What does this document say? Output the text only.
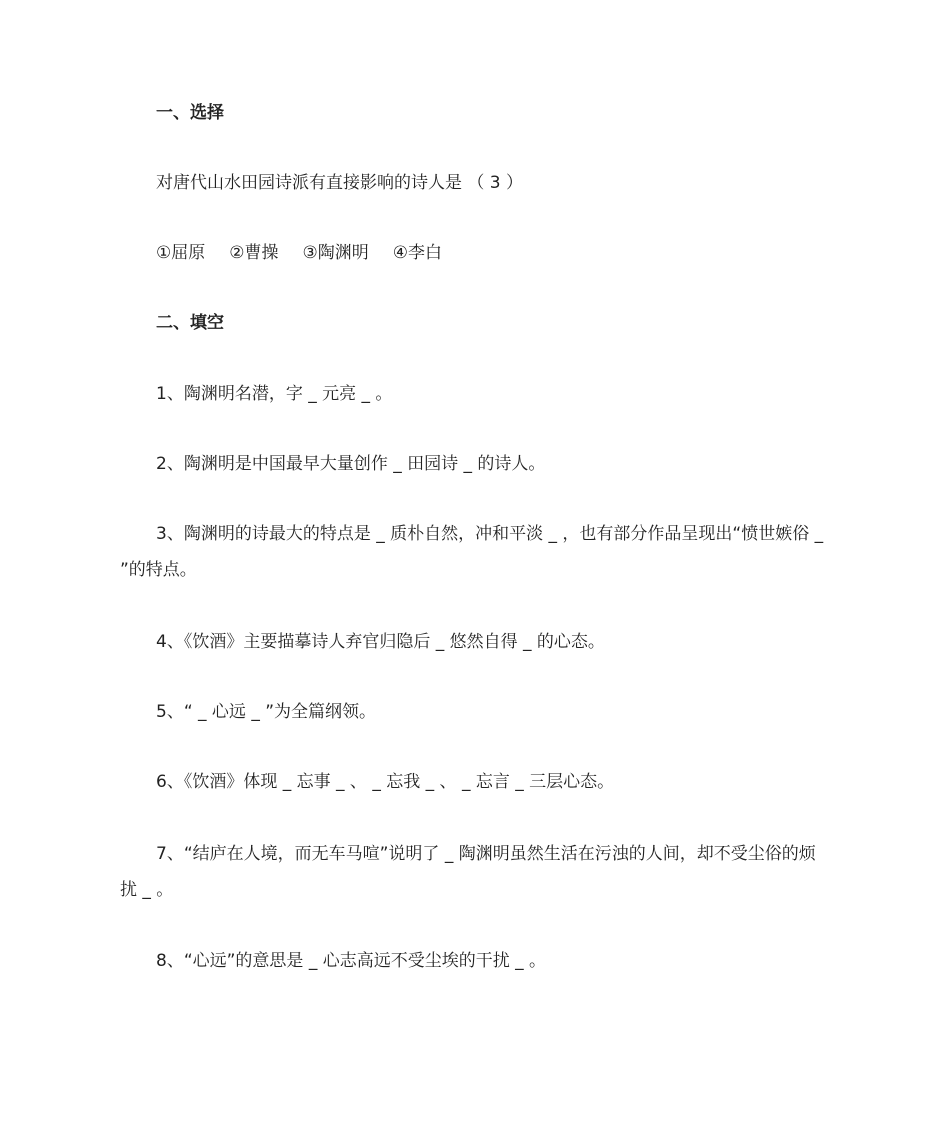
一、选择
对唐代山水田园诗派有直接影响的诗人是 （ 3 ）
①屈原 ②曹操 ③陶渊明 ④李白
二、填空
1、陶渊明名潜，字 _ 元亮 _ 。
2、陶渊明是中国最早大量创作 _ 田园诗 _ 的诗人。
3、陶渊明的诗最大的特点是 _ 质朴自然，冲和平淡 _ ，也有部分作品呈现出“愤世嫉俗 _ ”的特点。
4、《饮酒》主要描摹诗人弃官归隐后 _ 悠然自得 _ 的心态。
5、“ _ 心远 _ ”为全篇纲领。
6、《饮酒》体现 _ 忘事 _ 、 _ 忘我 _ 、 _ 忘言 _ 三层心态。
7、“结庐在人境，而无车马喧”说明了 _ 陶渊明虽然生活在污浊的人间，却不受尘俗的烦扰 _ 。
8、“心远”的意思是 _ 心志高远不受尘埃的干扰 _ 。
